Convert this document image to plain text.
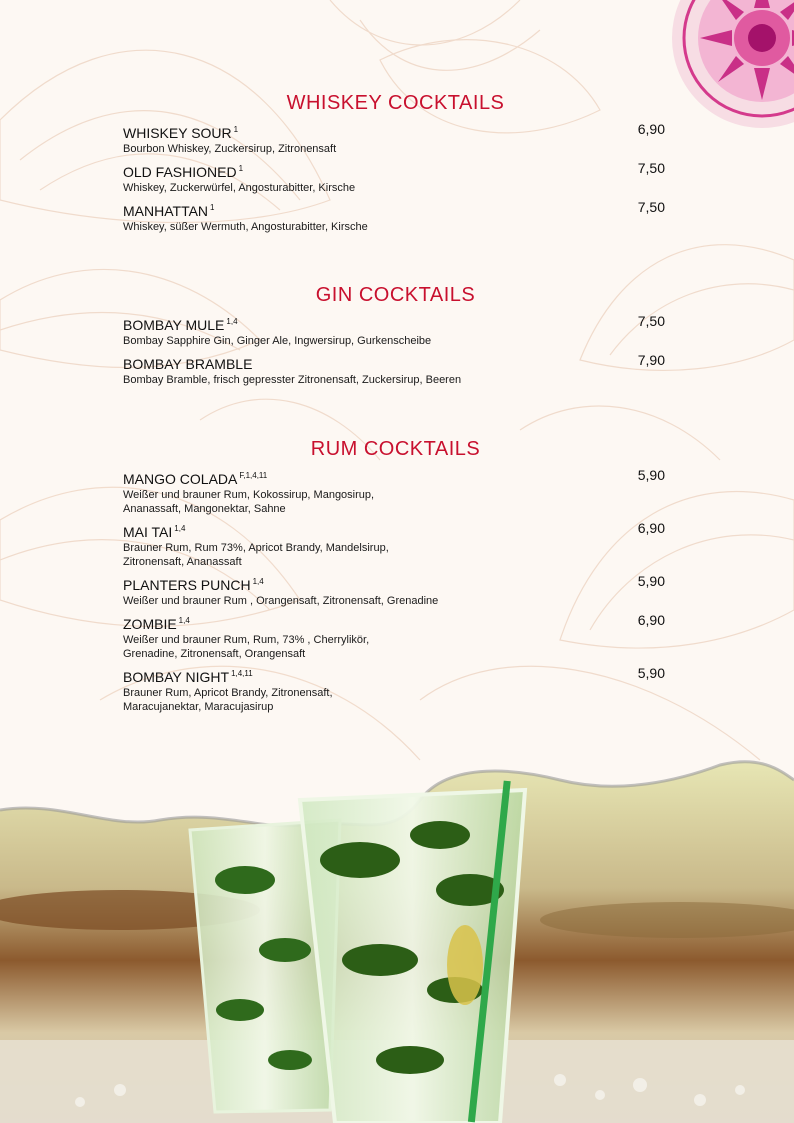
WHISKEY COCKTAILS
WHISKEY SOUR $^1$
Bourbon Whiskey, Zuckersirup, Zitronensaft
6,90
OLD FASHIONED $^1$
Whiskey, Zuckerwürfel, Angosturabitter, Kirsche
7,50
MANHATTAN $^1$
Whiskey, süßer Wermuth, Angosturabitter, Kirsche
7,50
GIN COCKTAILS
BOMBAY MULE $^{1,4}$
Bombay Sapphire Gin, Ginger Ale, Ingwersirup, Gurkenscheibe
7,50
BOMBAY BRAMBLE
Bombay Bramble, frisch gepresster Zitronensaft, Zuckersirup, Beeren
7,90
RUM COCKTAILS
MANGO COLADA $^{F,1,4,11}$
Weißer und brauner Rum, Kokossirup, Mangosirup,
Ananassaft, Mangonektar, Sahne
5,90
MAI TAI $^{1,4}$
Brauner Rum, Rum 73%, Apricot Brandy, Mandelsirup,
Zitronensaft, Ananassaft
6,90
PLANTERS PUNCH $^{1,4}$
Weißer und brauner Rum , Orangensaft, Zitronensaft, Grenadine
5,90
ZOMBIE $^{1,4}$
Weißer und brauner Rum, Rum, 73% , Cherrylikör,
Grenadine, Zitronensaft, Orangensaft
6,90
BOMBAY NIGHT $^{1,4,11}$
Brauner Rum, Apricot Brandy, Zitronensaft,
Maracujanektar, Maracujasirup
5,90
